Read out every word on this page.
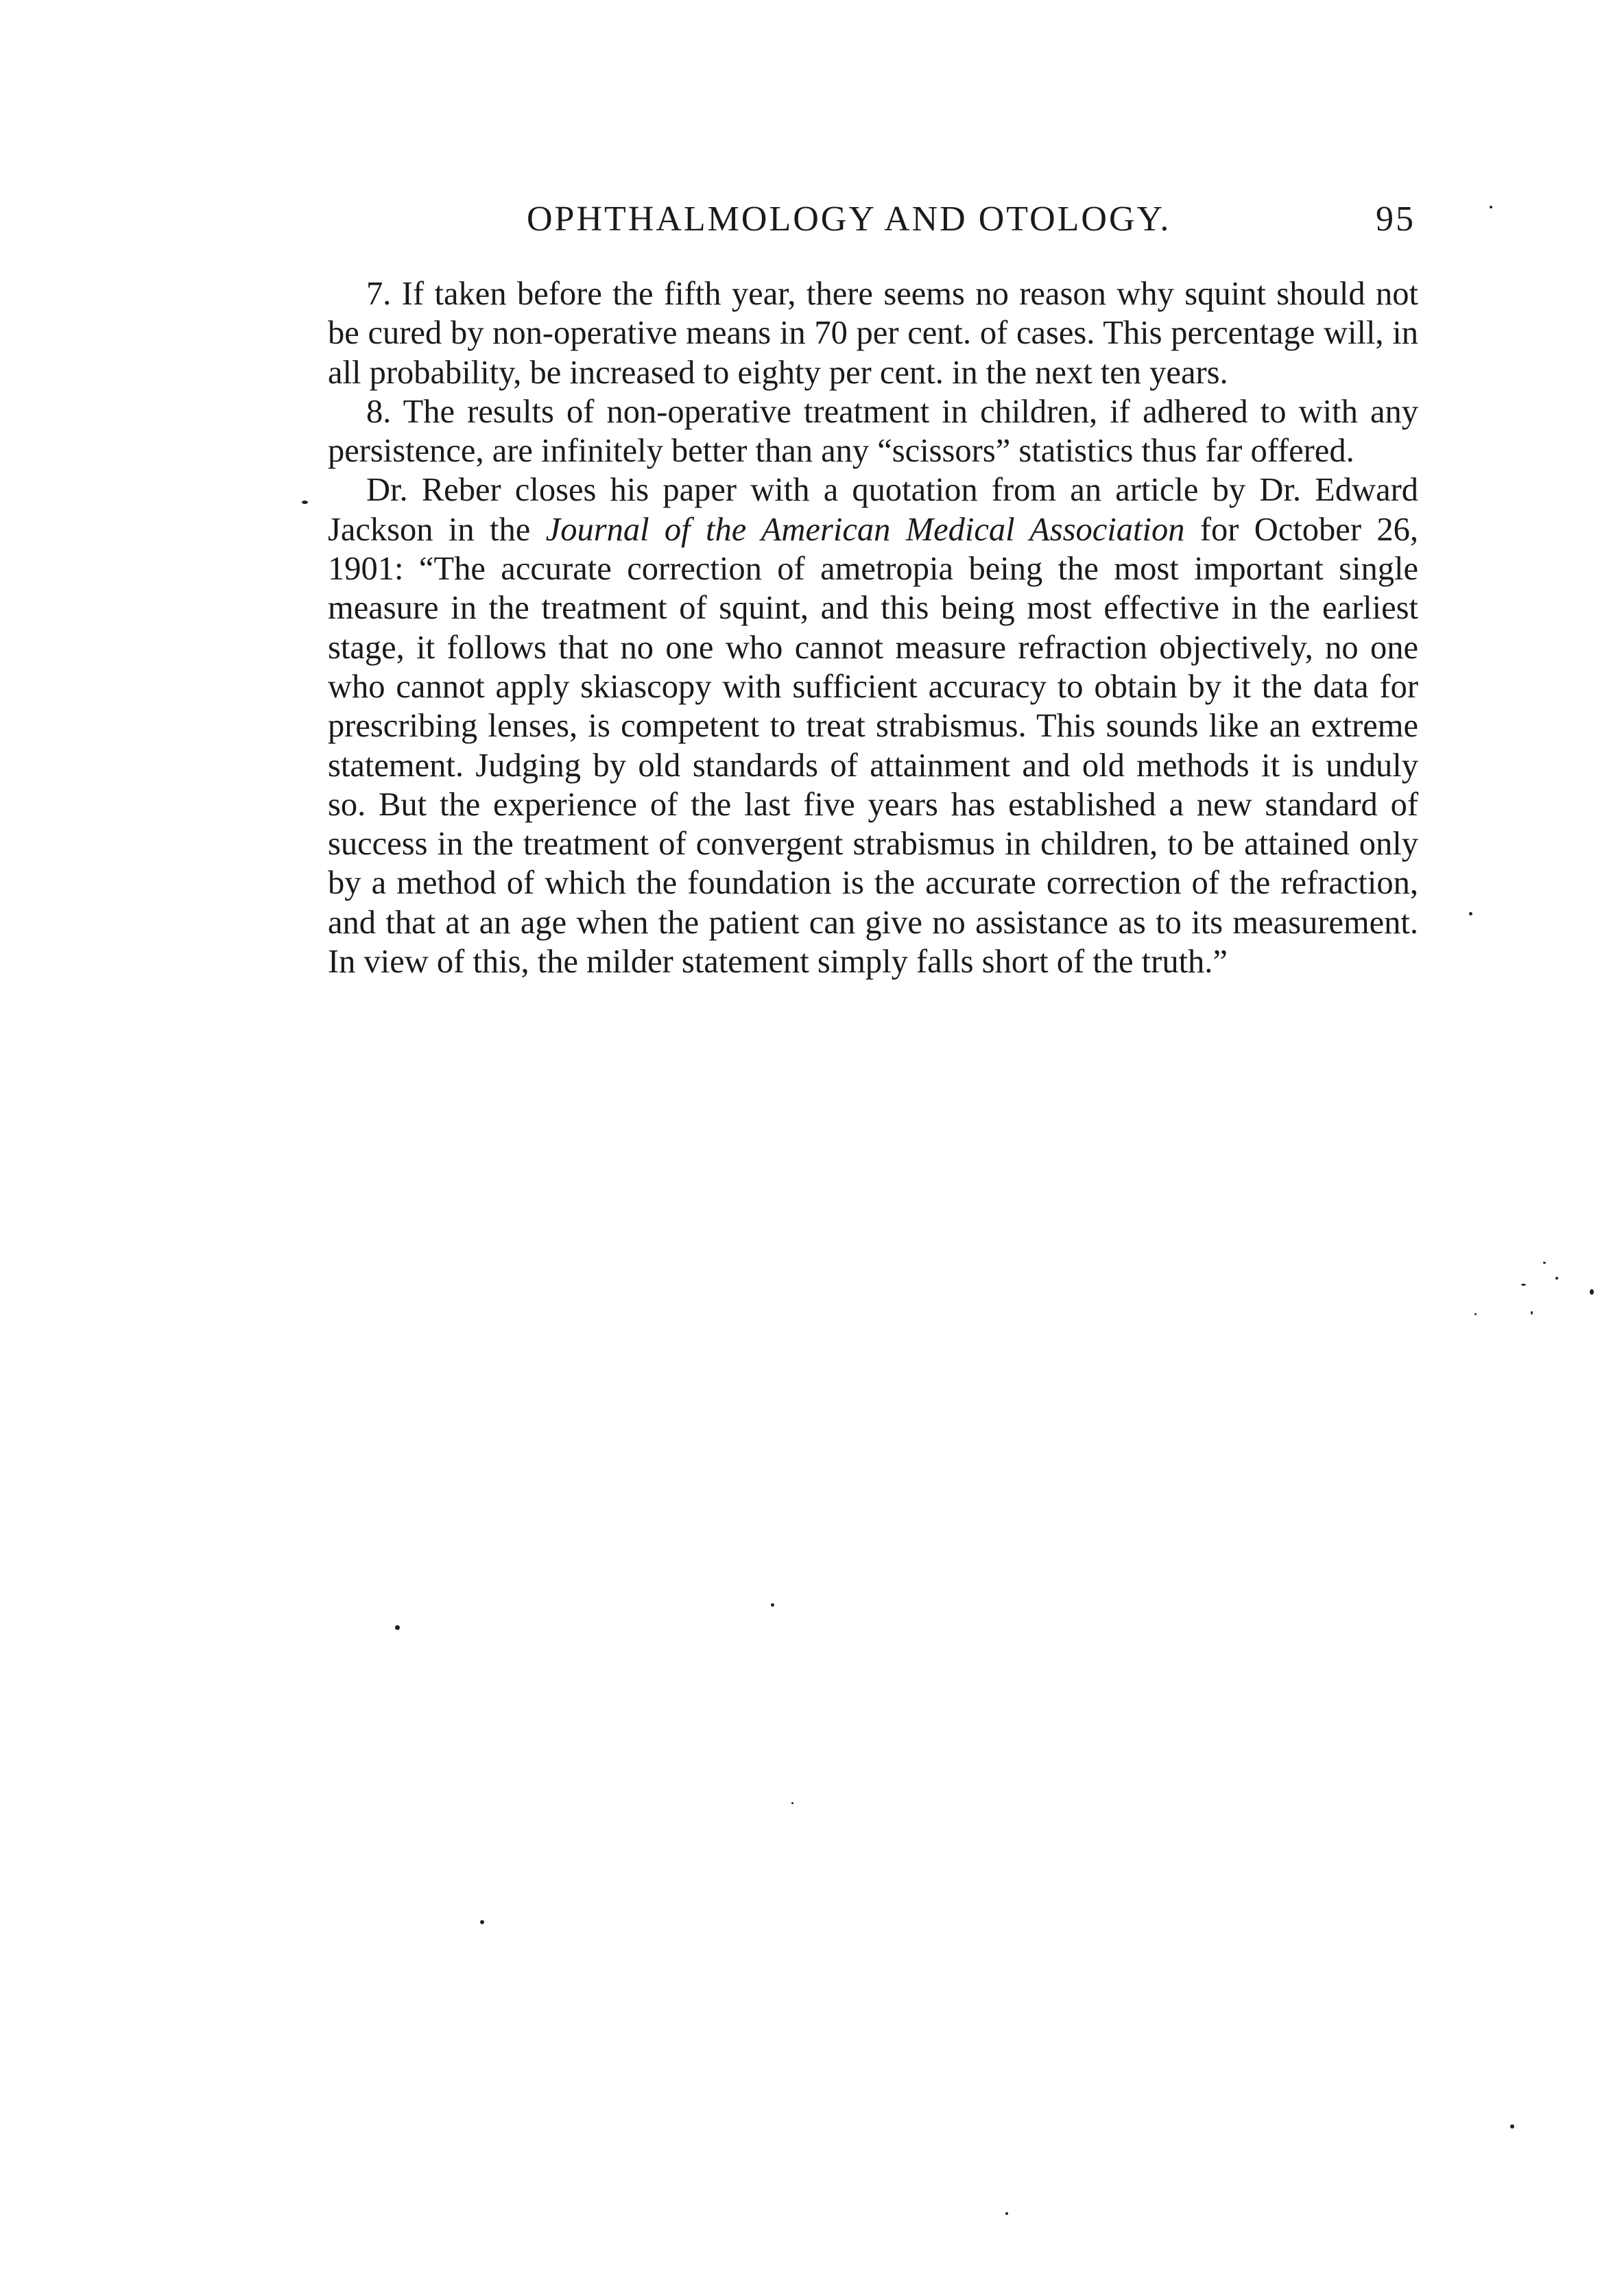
OPHTHALMOLOGY AND OTOLOGY.	95

7. If taken before the fifth year, there seems no reason why squint should not be cured by non-operative means in 70 per cent. of cases. This percentage will, in all probability, be increased to eighty per cent. in the next ten years.

8. The results of non-operative treatment in children, if adhered to with any persistence, are infinitely better than any “scissors” statistics thus far offered.

Dr. Reber closes his paper with a quotation from an article by Dr. Edward Jackson in the Journal of the American Medical Association for October 26, 1901: “The accurate correction of ametropia being the most important single measure in the treatment of squint, and this being most effective in the earliest stage, it follows that no one who cannot measure refraction objectively, no one who cannot apply skiascopy with sufficient accuracy to obtain by it the data for prescribing lenses, is competent to treat strabismus. This sounds like an extreme statement. Judging by old standards of attainment and old methods it is unduly so. But the experience of the last five years has established a new standard of success in the treatment of convergent strabismus in children, to be attained only by a method of which the foundation is the accurate correction of the refraction, and that at an age when the patient can give no assistance as to its measurement. In view of this, the milder statement simply falls short of the truth.”
